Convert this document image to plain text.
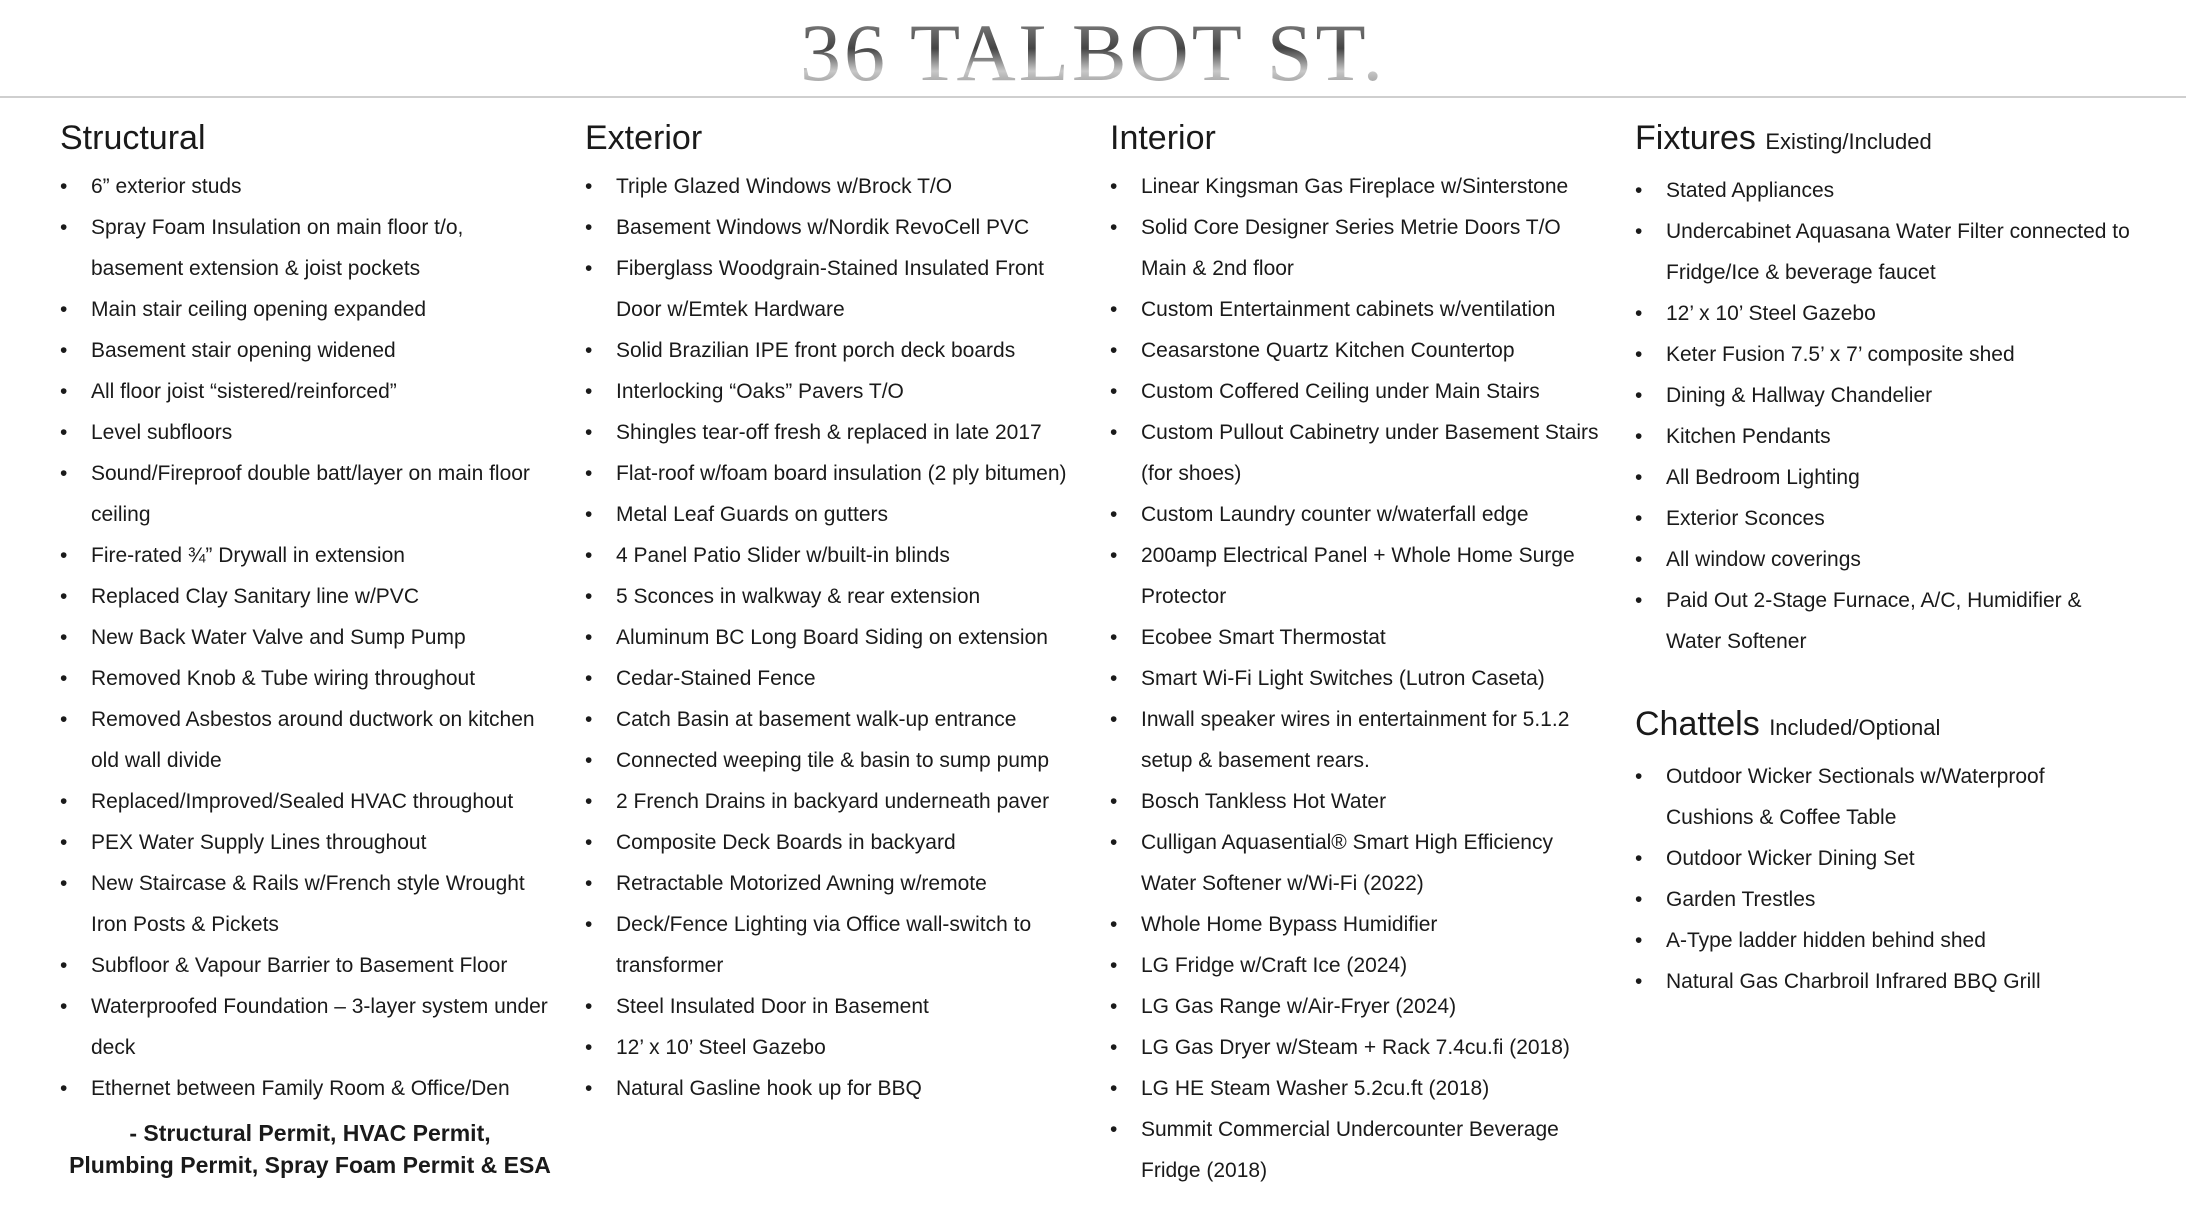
36 TALBOT ST.
Structural
• 6” exterior studs
• Spray Foam Insulation on main floor t/o, basement extension & joist pockets
• Main stair ceiling opening expanded
• Basement stair opening widened
• All floor joist “sistered/reinforced”
• Level subfloors
• Sound/Fireproof double batt/layer on main floor ceiling
• Fire-rated ¾” Drywall in extension
• Replaced Clay Sanitary line w/PVC
• New Back Water Valve and Sump Pump
• Removed Knob & Tube wiring throughout
• Removed Asbestos around ductwork on kitchen old wall divide
• Replaced/Improved/Sealed HVAC throughout
• PEX Water Supply Lines throughout
• New Staircase & Rails w/French style Wrought Iron Posts & Pickets
• Subfloor & Vapour Barrier to Basement Floor
• Waterproofed Foundation – 3-layer system under deck
• Ethernet between Family Room & Office/Den
- Structural Permit, HVAC Permit,
Plumbing Permit, Spray Foam Permit & ESA
Exterior
• Triple Glazed Windows w/Brock T/O
• Basement Windows w/Nordik RevoCell PVC
• Fiberglass Woodgrain-Stained Insulated Front Door w/Emtek Hardware
• Solid Brazilian IPE front porch deck boards
• Interlocking “Oaks” Pavers T/O
• Shingles tear-off fresh & replaced in late 2017
• Flat-roof w/foam board insulation (2 ply bitumen)
• Metal Leaf Guards on gutters
• 4 Panel Patio Slider w/built-in blinds
• 5 Sconces in walkway & rear extension
• Aluminum BC Long Board Siding on extension
• Cedar-Stained Fence
• Catch Basin at basement walk-up entrance
• Connected weeping tile & basin to sump pump
• 2 French Drains in backyard underneath paver
• Composite Deck Boards in backyard
• Retractable Motorized Awning w/remote
• Deck/Fence Lighting via Office wall-switch to transformer
• Steel Insulated Door in Basement
• 12’ x 10’ Steel Gazebo
• Natural Gasline hook up for BBQ
Interior
• Linear Kingsman Gas Fireplace w/Sinterstone
• Solid Core Designer Series Metrie Doors T/O Main & 2nd floor
• Custom Entertainment cabinets w/ventilation
• Ceasarstone Quartz Kitchen Countertop
• Custom Coffered Ceiling under Main Stairs
• Custom Pullout Cabinetry under Basement Stairs (for shoes)
• Custom Laundry counter w/waterfall edge
• 200amp Electrical Panel + Whole Home Surge Protector
• Ecobee Smart Thermostat
• Smart Wi-Fi Light Switches (Lutron Caseta)
• Inwall speaker wires in entertainment for 5.1.2 setup & basement rears.
• Bosch Tankless Hot Water
• Culligan Aquasential® Smart High Efficiency Water Softener w/Wi-Fi (2022)
• Whole Home Bypass Humidifier
• LG Fridge w/Craft Ice (2024)
• LG Gas Range w/Air-Fryer (2024)
• LG Gas Dryer w/Steam + Rack 7.4cu.fi (2018)
• LG HE Steam Washer 5.2cu.ft (2018)
• Summit Commercial Undercounter Beverage Fridge (2018)
Fixtures Existing/Included
• Stated Appliances
• Undercabinet Aquasana Water Filter connected to Fridge/Ice & beverage faucet
• 12’ x 10’ Steel Gazebo
• Keter Fusion 7.5’ x 7’ composite shed
• Dining & Hallway Chandelier
• Kitchen Pendants
• All Bedroom Lighting
• Exterior Sconces
• All window coverings
• Paid Out 2-Stage Furnace, A/C, Humidifier & Water Softener
Chattels Included/Optional
• Outdoor Wicker Sectionals w/Waterproof Cushions & Coffee Table
• Outdoor Wicker Dining Set
• Garden Trestles
• A-Type ladder hidden behind shed
• Natural Gas Charbroil Infrared BBQ Grill
